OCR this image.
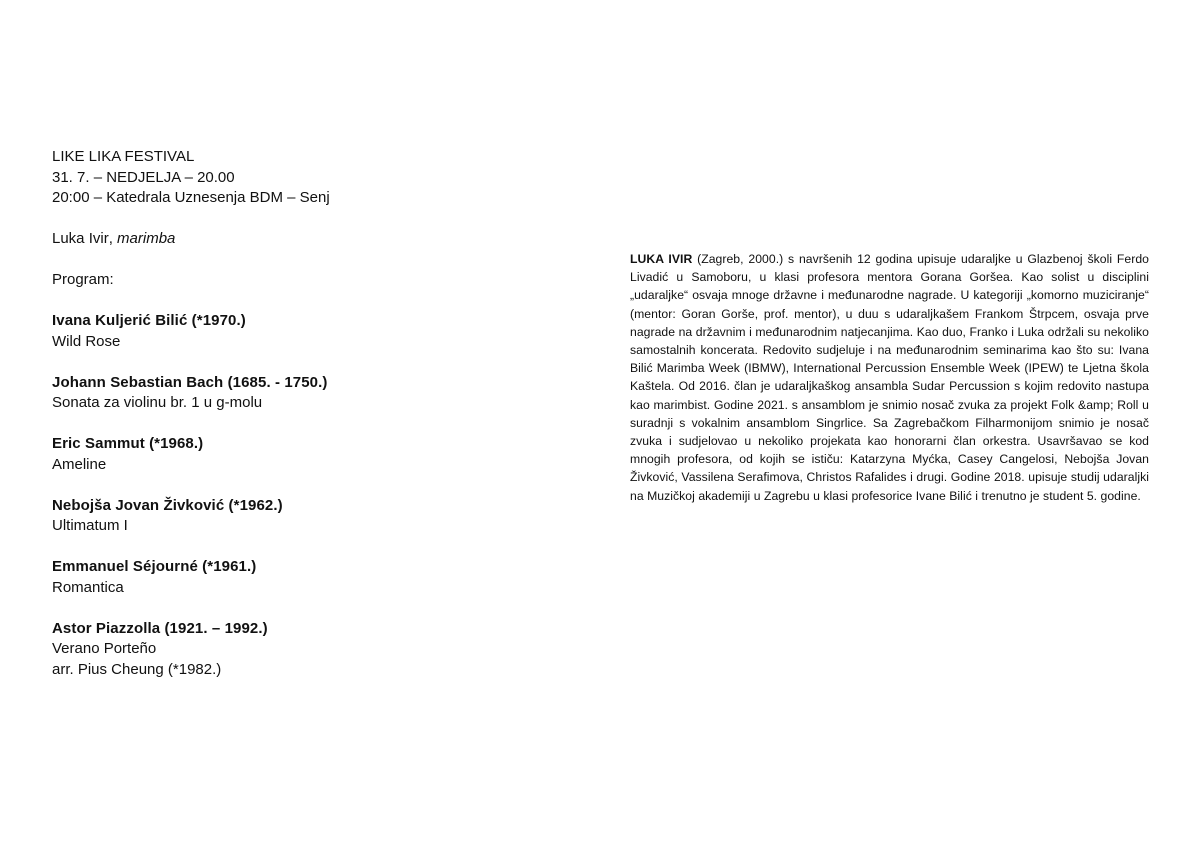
LIKE LIKA FESTIVAL
31. 7. – NEDJELJA – 20.00
20:00 – Katedrala Uznesenja BDM – Senj
Luka Ivir, marimba
Program:
Ivana Kuljerić Bilić (*1970.)
Wild Rose
Johann Sebastian Bach (1685. - 1750.)
Sonata za violinu br. 1 u g-molu
Eric Sammut (*1968.)
Ameline
Nebojša Jovan Živković (*1962.)
Ultimatum I
Emmanuel Séjourné (*1961.)
Romantica
Astor Piazzolla (1921. – 1992.)
Verano Porteño
arr. Pius Cheung (*1982.)
LUKA IVIR (Zagreb, 2000.) s navršenih 12 godina upisuje udaraljke u Glazbenoj školi Ferdo Livadić u Samoboru, u klasi profesora mentora Gorana Goršea. Kao solist u disciplini „udaraljke“ osvaja mnoge državne i međunarodne nagrade. U kategoriji „komorno muziciranje“ (mentor: Goran Gorše, prof. mentor), u duu s udaraljkašem Frankom Štrpcem, osvaja prve nagrade na državnim i međunarodnim natjecanjima. Kao duo, Franko i Luka održali su nekoliko samostalnih koncerata. Redovito sudjeluje i na međunarodnim seminarima kao što su: Ivana Bilić Marimba Week (IBMW), International Percussion Ensemble Week (IPEW) te Ljetna škola Kaštela. Od 2016. član je udaraljkaškog ansambla Sudar Percussion s kojim redovito nastupa kao marimbist. Godine 2021. s ansamblom je snimio nosač zvuka za projekt Folk &amp; Roll u suradnji s vokalnim ansamblom Singrlice. Sa Zagrebačkom Filharmonijom snimio je nosač zvuka i sudjelovao u nekoliko projekata kao honorarni član orkestra. Usavršavao se kod mnogih profesora, od kojih se ističu: Katarzyna Myćka, Casey Cangelosi, Nebojša Jovan Živković, Vassilena Serafimova, Christos Rafalides i drugi. Godine 2018. upisuje studij udaraljki na Muzičkoj akademiji u Zagrebu u klasi profesorice Ivane Bilić i trenutno je student 5. godine.
